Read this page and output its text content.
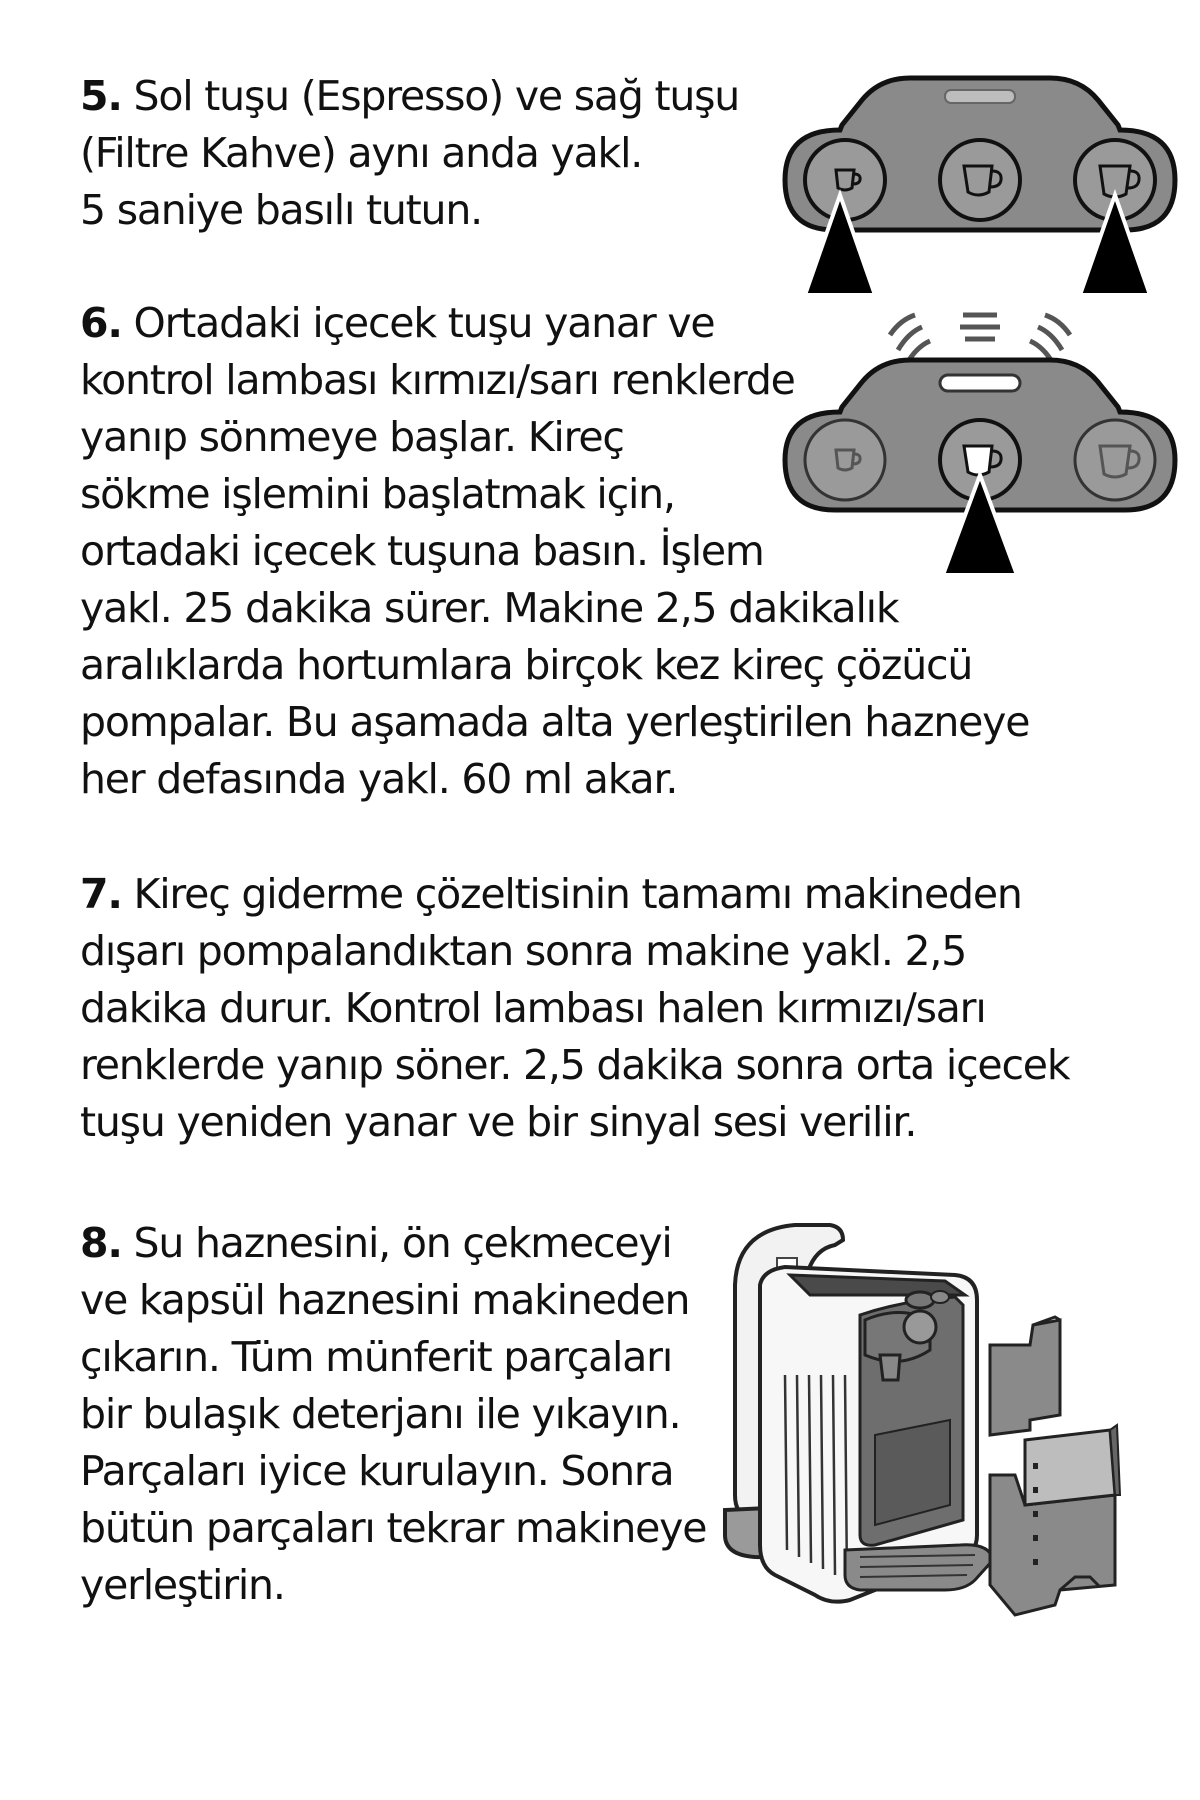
5. Sol tuşu (Espresso) ve sağ tuşu
(Filtre Kahve) aynı anda yakl.
5 saniye basılı tutun.
6. Ortadaki içecek tuşu yanar ve
kontrol lambası kırmızı/sarı renklerde
yanıp sönmeye başlar. Kireç
sökme işlemini başlatmak için,
ortadaki içecek tuşuna basın. İşlem
yakl. 25 dakika sürer. Makine 2,5 dakikalık
aralıklarda hortumlara birçok kez kireç çözücü
pompalar. Bu aşamada alta yerleştirilen hazneye
her defasında yakl. 60 ml akar.
7. Kireç giderme çözeltisinin tamamı makineden
dışarı pompalandıktan sonra makine yakl. 2,5
dakika durur. Kontrol lambası halen kırmızı/sarı
renklerde yanıp söner. 2,5 dakika sonra orta içecek
tuşu yeniden yanar ve bir sinyal sesi verilir.
8. Su haznesini, ön çekmeceyi
ve kapsül haznesini makineden
çıkarın. Tüm münferit parçaları
bir bulaşık deterjanı ile yıkayın.
Parçaları iyice kurulayın. Sonra
bütün parçaları tekrar makineye
yerleştirin.
